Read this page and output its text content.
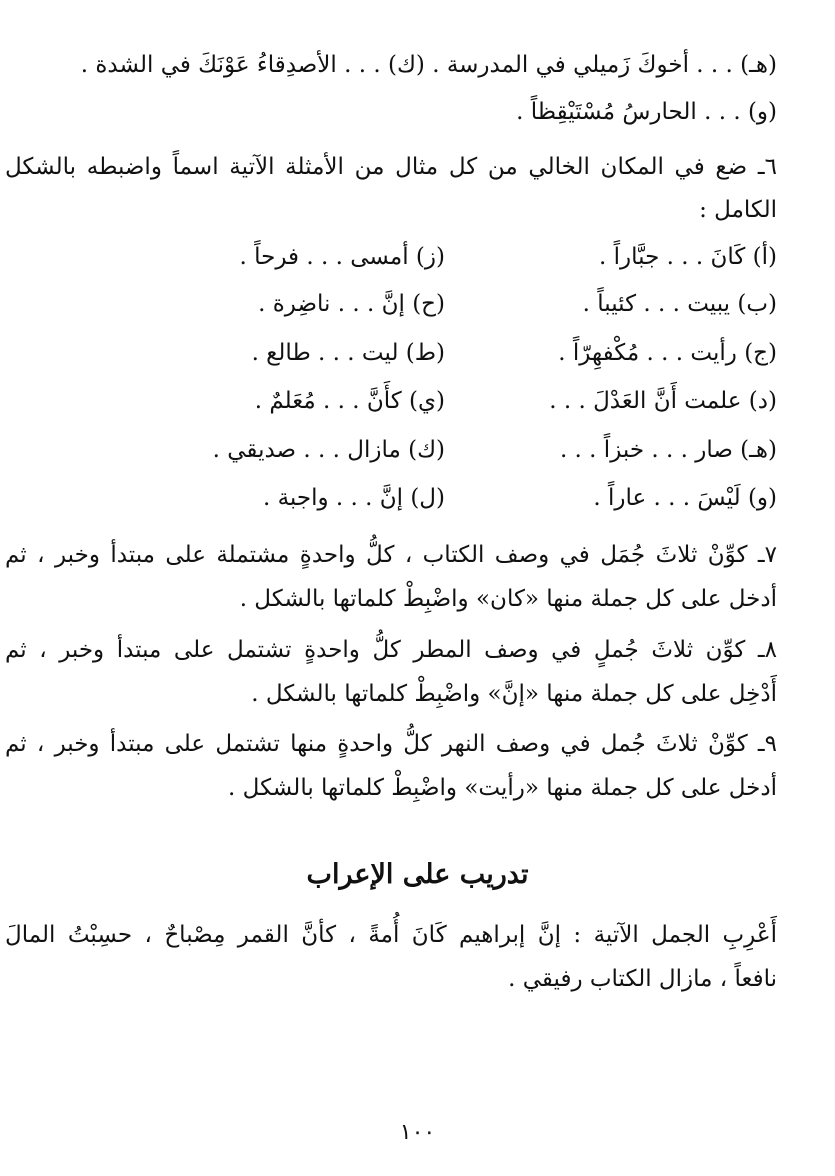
(هـ) . . . أخوكَ زَميلي في المدرسة . (ك) . . . الأصدِقاءُ عَوْنَكَ في الشدة .
(و) . . . الحارسُ مُسْتَيْقِظاً .
٦ـ ضع في المكان الخالي من كل مثال من الأمثلة الآتية اسماً واضبطه بالشكل
الكامل :
(أ) كَانَ . . . جبَّاراً .
(ب) يبيت . . . كئيباً .
(ج) رأيت . . . مُكْفهِرّاً .
(د) علمت أَنَّ العَدْلَ . . .
(هـ) صار . . . خبزاً . . .
(و) لَيْسَ . . . عاراً .
(ز) أمسى . . . فرحاً .
(ح) إنَّ . . . ناضِرة .
(ط) ليت . . . طالع .
(ي) كأَنَّ . . . مُعَلمٌ .
(ك) مازال . . . صديقي .
(ل) إنَّ . . . واجبة .
٧ـ كوِّنْ ثلاثَ جُمَل في وصف الكتاب ، كلُّ واحدةٍ مشتملة على مبتدأ وخبر ، ثم
أدخل على كل جملة منها «كان» واضْبِطْ كلماتها بالشكل .
٨ـ كوِّن ثلاثَ جُملٍ في وصف المطر كلُّ واحدةٍ تشتمل على مبتدأ وخبر ، ثم
أَدْخِل على كل جملة منها «إنَّ» واضْبِطْ كلماتها بالشكل .
٩ـ كوِّنْ ثلاثَ جُمل في وصف النهر كلُّ واحدةٍ منها تشتمل على مبتدأ وخبر ، ثم
أدخل على كل جملة منها «رأيت» واضْبِطْ كلماتها بالشكل .
تدريب على الإعراب
أَعْرِبِ الجمل الآتية : إنَّ إبراهيم كَانَ أُمةً ، كأنَّ القمر مِصْباحٌ ، حسِبْتُ المالَ
نافعاً ، مازال الكتاب رفيقي .
١٠٠
